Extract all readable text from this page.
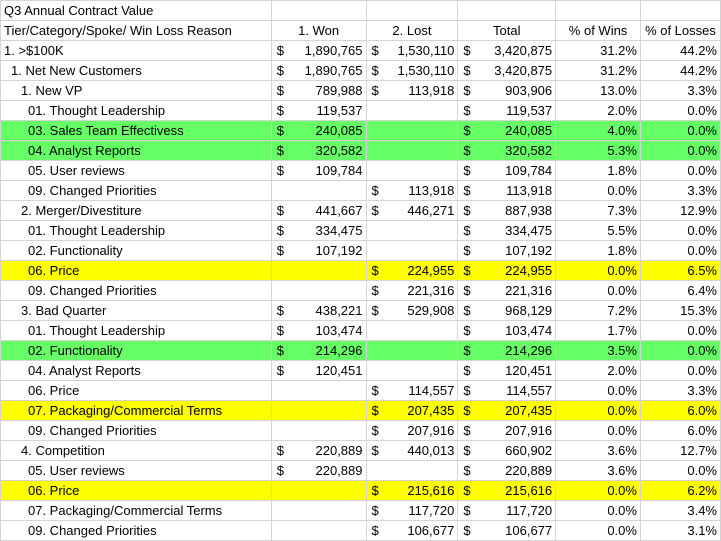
Q3 Annual Contract Value					
Tier/Category/Spoke/ Win Loss Reason	1. Won	2. Lost	Total	% of Wins	% of Losses
1. >$100K	$ 1,890,765	$ 1,530,110	$ 3,420,875	31.2%	44.2%
1. Net New Customers	$ 1,890,765	$ 1,530,110	$ 3,420,875	31.2%	44.2%
1. New VP	$ 789,988	$ 113,918	$ 903,906	13.0%	3.3%
01. Thought Leadership	$ 119,537		$ 119,537	2.0%	0.0%
03. Sales Team Effectivess	$ 240,085		$ 240,085	4.0%	0.0%
04. Analyst Reports	$ 320,582		$ 320,582	5.3%	0.0%
05. User reviews	$ 109,784		$ 109,784	1.8%	0.0%
09. Changed Priorities		$ 113,918	$ 113,918	0.0%	3.3%
2. Merger/Divestiture	$ 441,667	$ 446,271	$ 887,938	7.3%	12.9%
01. Thought Leadership	$ 334,475		$ 334,475	5.5%	0.0%
02. Functionality	$ 107,192		$ 107,192	1.8%	0.0%
06. Price		$ 224,955	$ 224,955	0.0%	6.5%
09. Changed Priorities		$ 221,316	$ 221,316	0.0%	6.4%
3. Bad Quarter	$ 438,221	$ 529,908	$ 968,129	7.2%	15.3%
01. Thought Leadership	$ 103,474		$ 103,474	1.7%	0.0%
02. Functionality	$ 214,296		$ 214,296	3.5%	0.0%
04. Analyst Reports	$ 120,451		$ 120,451	2.0%	0.0%
06. Price		$ 114,557	$ 114,557	0.0%	3.3%
07. Packaging/Commercial Terms		$ 207,435	$ 207,435	0.0%	6.0%
09. Changed Priorities		$ 207,916	$ 207,916	0.0%	6.0%
4. Competition	$ 220,889	$ 440,013	$ 660,902	3.6%	12.7%
05. User reviews	$ 220,889		$ 220,889	3.6%	0.0%
06. Price		$ 215,616	$ 215,616	0.0%	6.2%
07. Packaging/Commercial Terms		$ 117,720	$ 117,720	0.0%	3.4%
09. Changed Priorities		$ 106,677	$ 106,677	0.0%	3.1%
